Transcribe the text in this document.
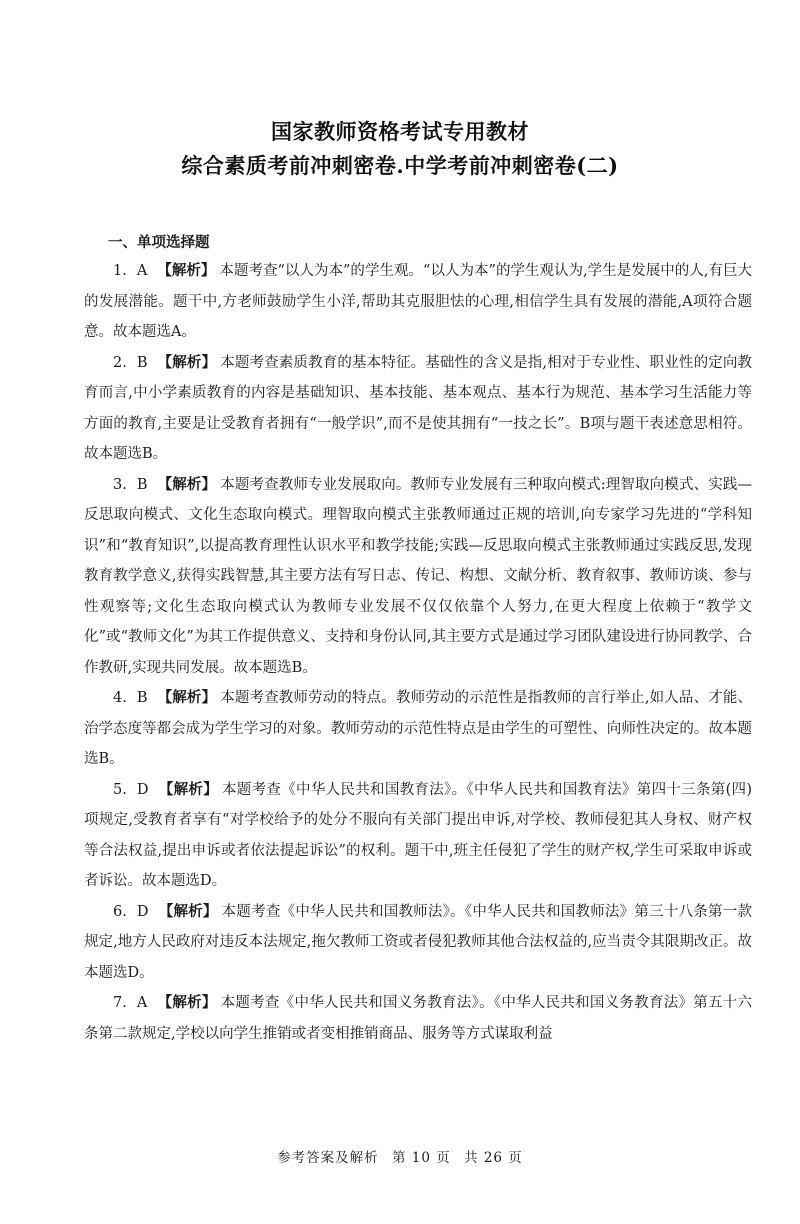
国家教师资格考试专用教材
综合素质考前冲刺密卷.中学考前冲刺密卷(二)

一、单项选择题

1. A 【解析】 本题考查“以人为本”的学生观。“以人为本”的学生观认为,学生是发展中的人,有巨大的发展潜能。题干中,方老师鼓励学生小洋,帮助其克服胆怯的心理,相信学生具有发展的潜能,A项符合题意。故本题选A。

2. B 【解析】 本题考查素质教育的基本特征。基础性的含义是指,相对于专业性、职业性的定向教育而言,中小学素质教育的内容是基础知识、基本技能、基本观点、基本行为规范、基本学习生活能力等方面的教育,主要是让受教育者拥有“一般学识”,而不是使其拥有“一技之长”。B项与题干表述意思相符。故本题选B。

3. B 【解析】 本题考查教师专业发展取向。教师专业发展有三种取向模式:理智取向模式、实践—反思取向模式、文化生态取向模式。理智取向模式主张教师通过正规的培训,向专家学习先进的“学科知识”和“教育知识”,以提高教育理性认识水平和教学技能;实践—反思取向模式主张教师通过实践反思,发现教育教学意义,获得实践智慧,其主要方法有写日志、传记、构想、文献分析、教育叙事、教师访谈、参与性观察等;文化生态取向模式认为教师专业发展不仅仅依靠个人努力,在更大程度上依赖于“教学文化”或“教师文化”为其工作提供意义、支持和身份认同,其主要方式是通过学习团队建设进行协同教学、合作教研,实现共同发展。故本题选B。

4. B 【解析】 本题考查教师劳动的特点。教师劳动的示范性是指教师的言行举止,如人品、才能、治学态度等都会成为学生学习的对象。教师劳动的示范性特点是由学生的可塑性、向师性决定的。故本题选B。

5. D 【解析】 本题考查《中华人民共和国教育法》。《中华人民共和国教育法》第四十三条第(四)项规定,受教育者享有“对学校给予的处分不服向有关部门提出申诉,对学校、教师侵犯其人身权、财产权等合法权益,提出申诉或者依法提起诉讼”的权利。题干中,班主任侵犯了学生的财产权,学生可采取申诉或者诉讼。故本题选D。

6. D 【解析】 本题考查《中华人民共和国教师法》。《中华人民共和国教师法》第三十八条第一款规定,地方人民政府对违反本法规定,拖欠教师工资或者侵犯教师其他合法权益的,应当责令其限期改正。故本题选D。

7. A 【解析】 本题考查《中华人民共和国义务教育法》。《中华人民共和国义务教育法》第五十六条第二款规定,学校以向学生推销或者变相推销商品、服务等方式谋取利益

参考答案及解析 第 10 页 共 26 页
